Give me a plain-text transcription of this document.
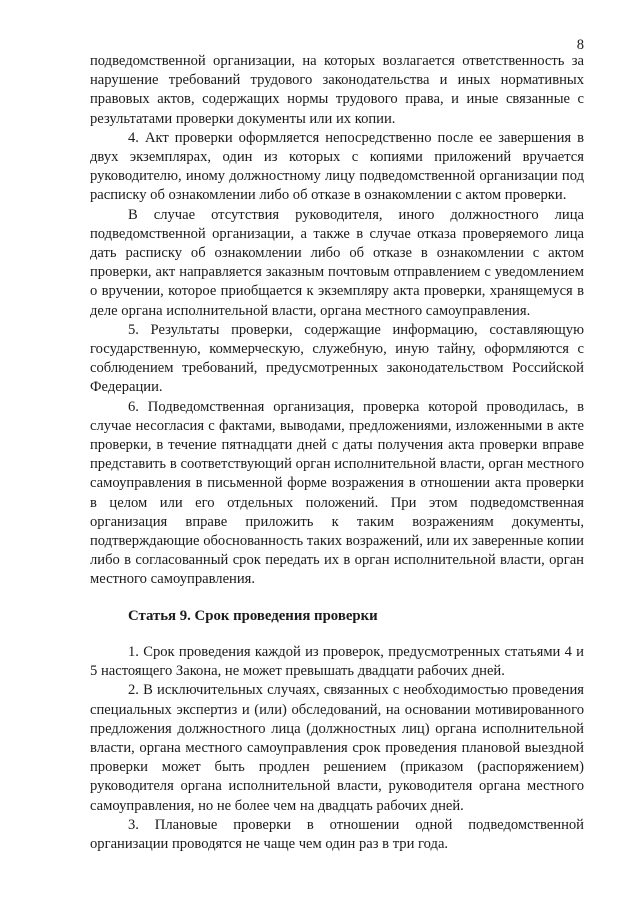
8

подведомственной организации, на которых возлагается ответственность за нарушение требований трудового законодательства и иных нормативных правовых актов, содержащих нормы трудового права, и иные связанные с результатами проверки документы или их копии.

4. Акт проверки оформляется непосредственно после ее завершения в двух экземплярах, один из которых с копиями приложений вручается руководителю, иному должностному лицу подведомственной организации под расписку об ознакомлении либо об отказе в ознакомлении с актом проверки.

В случае отсутствия руководителя, иного должностного лица подведомственной организации, а также в случае отказа проверяемого лица дать расписку об ознакомлении либо об отказе в ознакомлении с актом проверки, акт направляется заказным почтовым отправлением с уведомлением о вручении, которое приобщается к экземпляру акта проверки, хранящемуся в деле органа исполнительной власти, органа местного самоуправления.

5. Результаты проверки, содержащие информацию, составляющую государственную, коммерческую, служебную, иную тайну, оформляются с соблюдением требований, предусмотренных законодательством Российской Федерации.

6. Подведомственная организация, проверка которой проводилась, в случае несогласия с фактами, выводами, предложениями, изложенными в акте проверки, в течение пятнадцати дней с даты получения акта проверки вправе представить в соответствующий орган исполнительной власти, орган местного самоуправления в письменной форме возражения в отношении акта проверки в целом или его отдельных положений. При этом подведомственная организация вправе приложить к таким возражениям документы, подтверждающие обоснованность таких возражений, или их заверенные копии либо в согласованный срок передать их в орган исполнительной власти, орган местного самоуправления.

Статья 9. Срок проведения проверки

1. Срок проведения каждой из проверок, предусмотренных статьями 4 и 5 настоящего Закона, не может превышать двадцати рабочих дней.

2. В исключительных случаях, связанных с необходимостью проведения специальных экспертиз и (или) обследований, на основании мотивированного предложения должностного лица (должностных лиц) органа исполнительной власти, органа местного самоуправления срок проведения плановой выездной проверки может быть продлен решением (приказом (распоряжением) руководителя органа исполнительной власти, руководителя органа местного самоуправления, но не более чем на двадцать рабочих дней.

3. Плановые проверки в отношении одной подведомственной организации проводятся не чаще чем один раз в три года.
